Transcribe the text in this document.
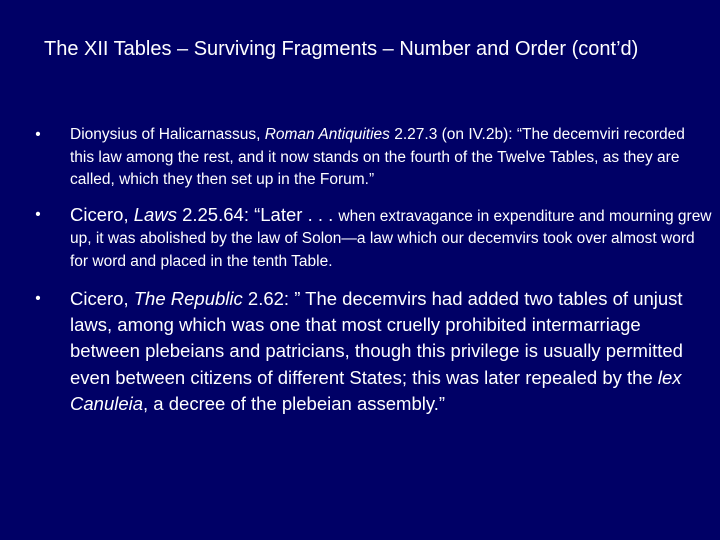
The XII Tables – Surviving Fragments – Number and Order (cont’d)
•	Dionysius of Halicarnassus, Roman Antiquities 2.27.3 (on IV.2b): “The decemviri recorded this law among the rest, and it now stands on the fourth of the Twelve Tables, as they are called, which they then set up in the Forum.”
•	Cicero, Laws 2.25.64: “Later . . . when extravagance in expenditure and mourning grew up, it was abolished by the law of Solon—a law which our decemvirs took over almost word for word and placed in the tenth Table.
•	Cicero, The Republic 2.62: ” The decemvirs had added two tables of unjust laws, among which was one that most cruelly prohibited intermarriage between plebeians and patricians, though this privilege is usually permitted even between citizens of different States; this was later repealed by the lex Canuleia, a decree of the plebeian assembly.”
